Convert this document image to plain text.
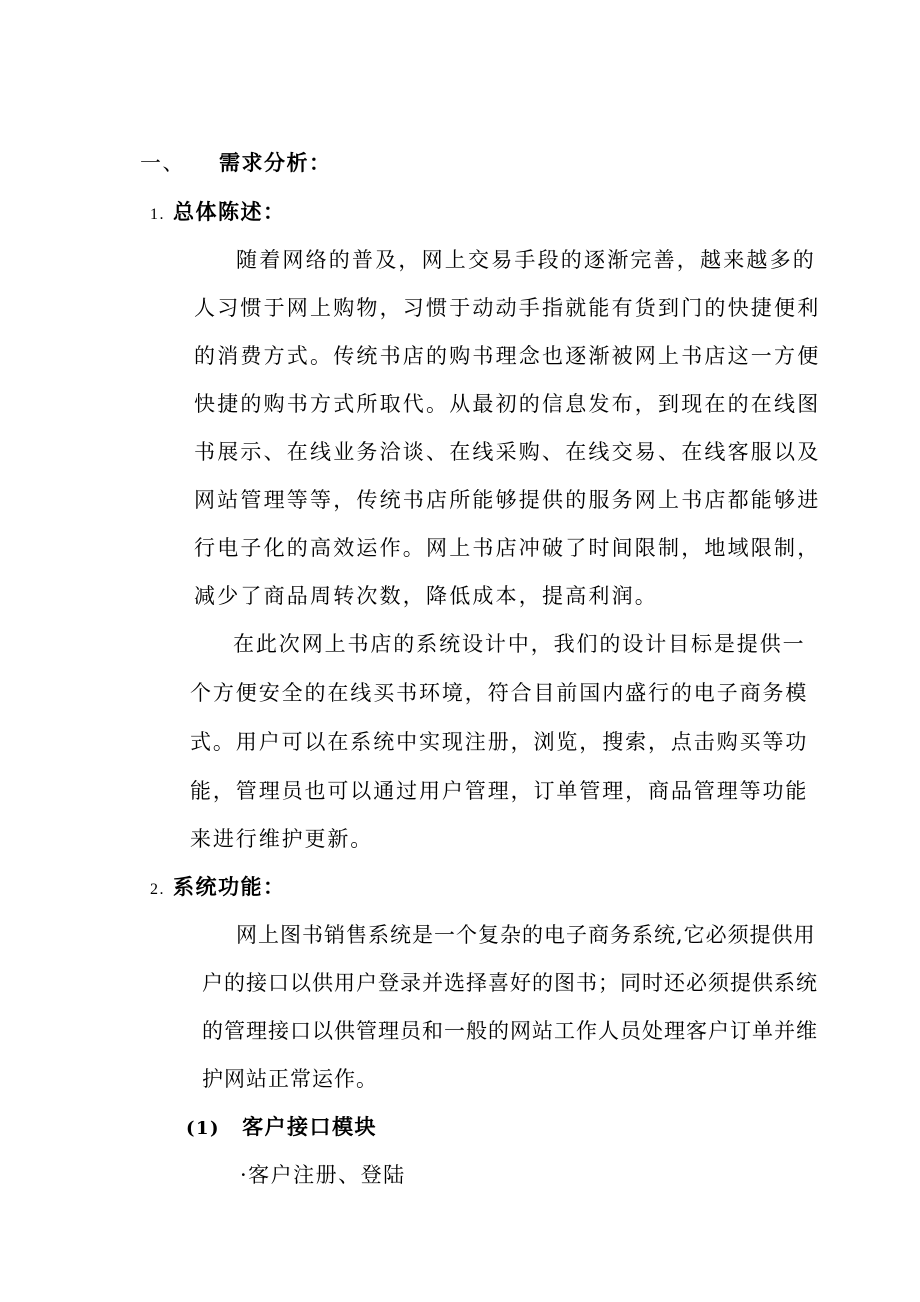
一、 需求分析：
1. 总体陈述：
随着网络的普及，网上交易手段的逐渐完善，越来越多的
人习惯于网上购物，习惯于动动手指就能有货到门的快捷便利
的消费方式。传统书店的购书理念也逐渐被网上书店这一方便
快捷的购书方式所取代。从最初的信息发布，到现在的在线图
书展示、在线业务洽谈、在线采购、在线交易、在线客服以及
网站管理等等，传统书店所能够提供的服务网上书店都能够进
行电子化的高效运作。网上书店冲破了时间限制，地域限制，
减少了商品周转次数，降低成本，提高利润。
在此次网上书店的系统设计中，我们的设计目标是提供一
个方便安全的在线买书环境，符合目前国内盛行的电子商务模
式。用户可以在系统中实现注册，浏览，搜索，点击购买等功
能，管理员也可以通过用户管理，订单管理，商品管理等功能
来进行维护更新。
2. 系统功能：
网上图书销售系统是一个复杂的电子商务系统,它必须提供用
户的接口以供用户登录并选择喜好的图书；同时还必须提供系统
的管理接口以供管理员和一般的网站工作人员处理客户订单并维
护网站正常运作。
(1) 客户接口模块
·客户注册、登陆
